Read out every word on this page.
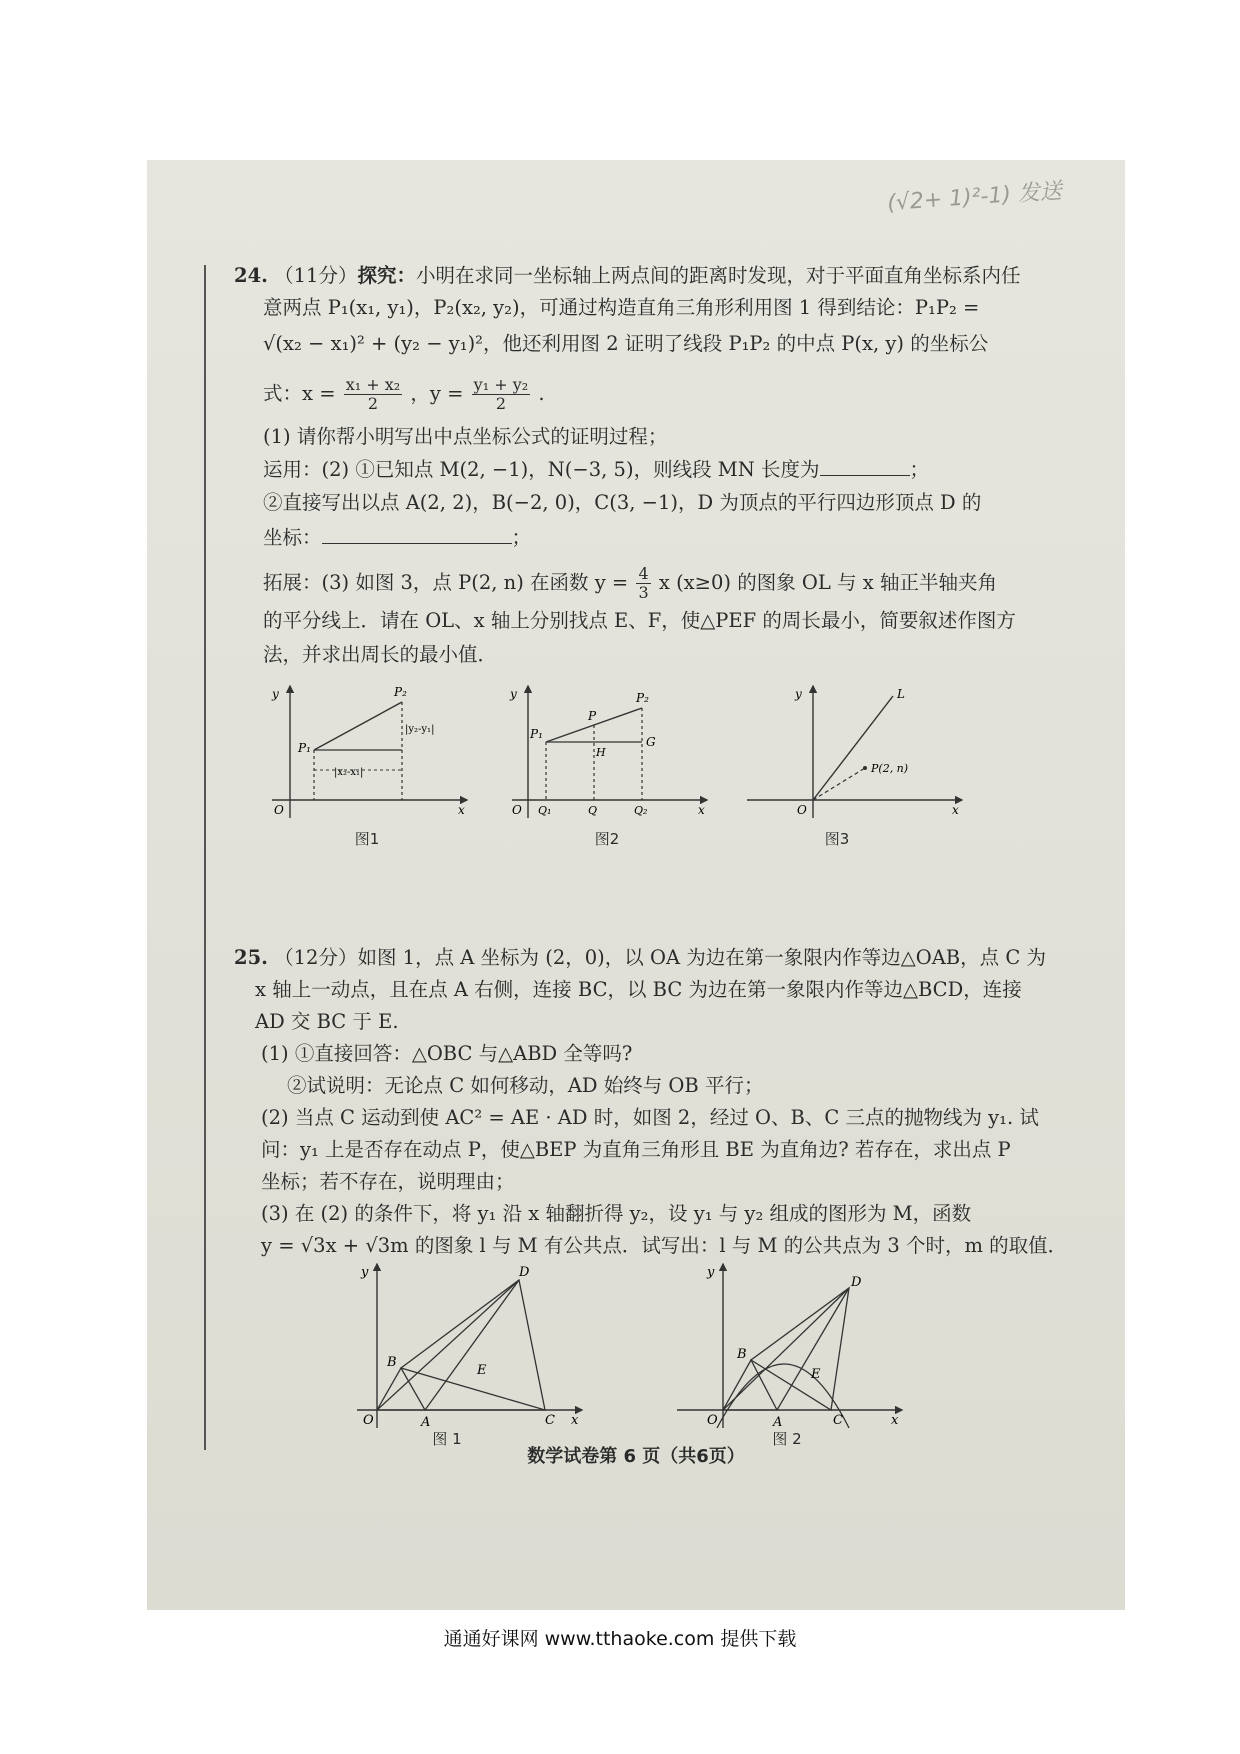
(√2+ 1)²-1) 发送
24. （11分）探究：小明在求同一坐标轴上两点间的距离时发现，对于平面直角坐标系内任
意两点 P₁(x₁, y₁)，P₂(x₂, y₂)，可通过构造直角三角形利用图 1 得到结论：P₁P₂ =
√(x₂ − x₁)² + (y₂ − y₁)²，他还利用图 2 证明了线段 P₁P₂ 的中点 P(x, y) 的坐标公
式：$x = \frac{\text{x₁ + x₂}}{2}$ ，$y = \frac{\text{y₁ + y₂}}{2}$ .
(1) 请你帮小明写出中点坐标公式的证明过程；
运用：(2) ①已知点 M(2, −1)，N(−3, 5)，则线段 MN 长度为	；
②直接写出以点 A(2, 2)，B(−2, 0)，C(3, −1)，D 为顶点的平行四边形顶点 D 的
坐标：	；
拓展：(3) 如图 3，点 P(2, n) 在函数 $y = \frac{4}{3}$ x (x≥0) 的图象 OL 与 x 轴正半轴夹角
的平分线上．请在 OL、x 轴上分别找点 E、F，使△PEF 的周长最小，简要叙述作图方
法，并求出周长的最小值．
y
x
O
P₁
P₂
|x₂-x₁|
|y₂-y₁|
图1
y
x
O
P₁
P₂
P
G
H
Q₁	Q	Q₂
图2
y
x
O
L
P(2, n)
图3
25. （12分）如图 1，点 A 坐标为 (2，0)，以 OA 为边在第一象限内作等边△OAB，点 C 为
x 轴上一动点，且在点 A 右侧，连接 BC，以 BC 为边在第一象限内作等边△BCD，连接
AD 交 BC 于 E.
(1) ①直接回答：△OBC 与△ABD 全等吗?
②试说明：无论点 C 如何移动，AD 始终与 OB 平行；
(2) 当点 C 运动到使 AC² = AE · AD 时，如图 2，经过 O、B、C 三点的抛物线为 y₁. 试
问：y₁ 上是否存在动点 P，使△BEP 为直角三角形且 BE 为直角边? 若存在，求出点 P
坐标；若不存在，说明理由；
(3) 在 (2) 的条件下，将 y₁ 沿 x 轴翻折得 y₂，设 y₁ 与 y₂ 组成的图形为 M，函数
y = √3x + √3m 的图象 l 与 M 有公共点．试写出：l 与 M 的公共点为 3 个时，m 的取值．
y
x
O	A
B
C
D
E
图 1
y
x
O	A
B
C
D
E
图 2
数学试卷第 6 页（共6页）
通通好课网 www.tthaoke.com 提供下载
